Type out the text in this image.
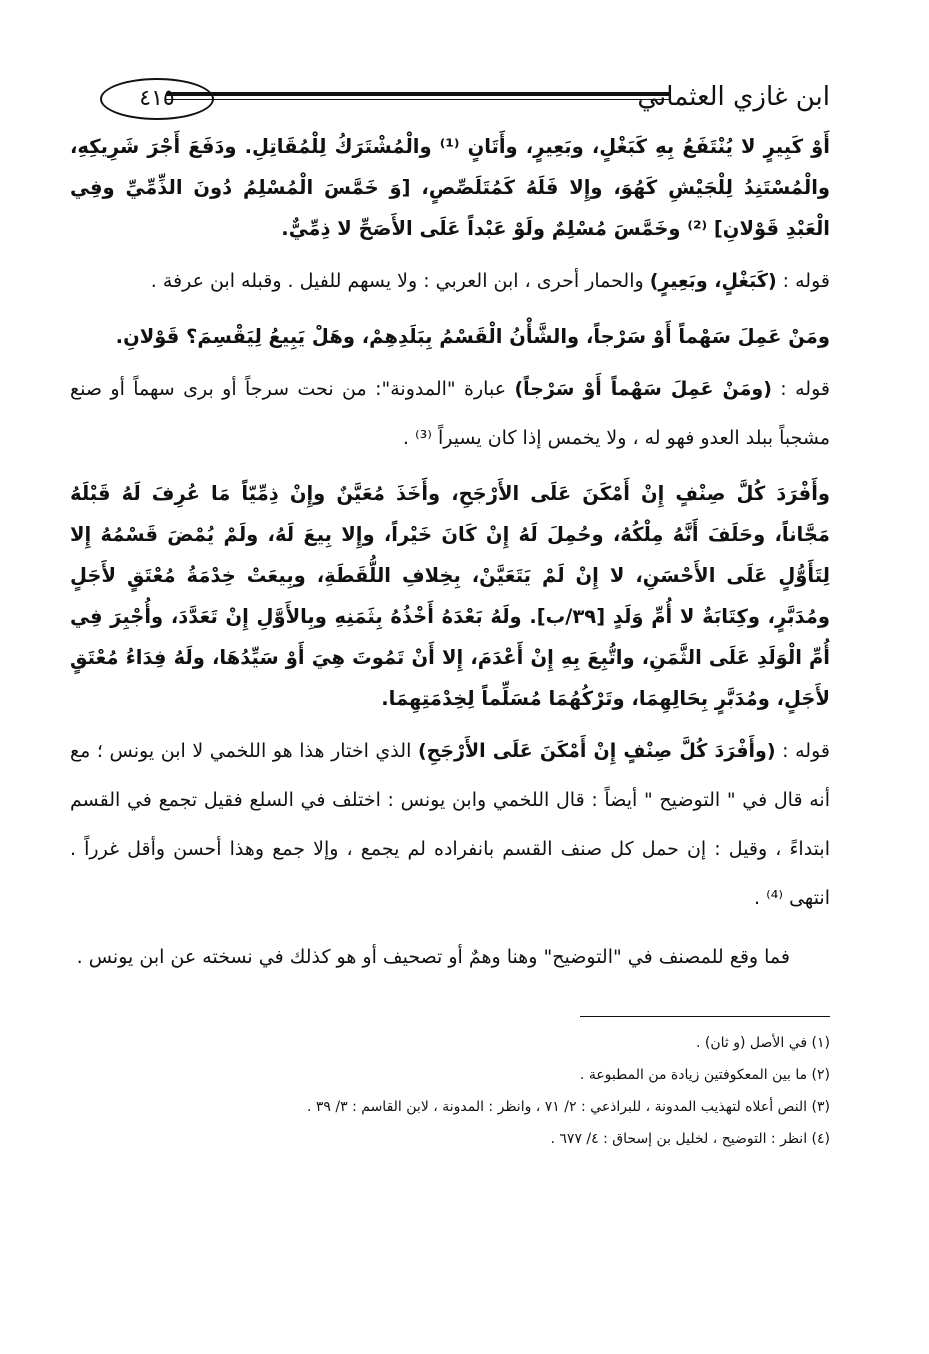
ابن غازي العثماني
٤١٥

أَوْ كَبِيرٍ لا يُنْتَفَعُ بِهِ كَبَغْلٍ، وبَعِيرٍ، وأَتَانٍ ⁽¹⁾ والْمُشْتَرَكُ لِلْمُقَاتِلِ. ودَفَعَ أَجْرَ شَرِيكِهِ، والْمُسْتَنِدُ لِلْجَيْشِ كَهُوَ، وإِلا فَلَهُ كَمُتَلَصِّصٍ، [وَ خَمَّسَ الْمُسْلِمُ دُونَ الذِّمِّيِّ وفِي الْعَبْدِ قَوْلانِ] ⁽²⁾ وخَمَّسَ مُسْلِمٌ ولَوْ عَبْداً عَلَى الأَصَحِّ لا ذِمِّيٌّ.

قوله : (كَبَغْلٍ، وبَعِيرٍ) والحمار أحرى ، ابن العربي : ولا يسهم للفيل . وقبله ابن عرفة .

ومَنْ عَمِلَ سَهْماً أَوْ سَرْجاً، والشَّأْنُ الْقَسْمُ بِبَلَدِهِمْ، وهَلْ يَبِيعُ لِيَقْسِمَ؟ قَوْلانِ.

قوله : (ومَنْ عَمِلَ سَهْماً أَوْ سَرْجاً) عبارة "المدونة": من نحت سرجاً أو برى سهماً أو صنع مشجباً ببلد العدو فهو له ، ولا يخمس إذا كان يسيراً ⁽³⁾ .

وأَفْرَدَ كُلَّ صِنْفٍ إِنْ أَمْكَنَ عَلَى الأَرْجَحِ، وأَخَذَ مُعَيَّنٌ وإِنْ ذِمِّيّاً مَا عُرِفَ لَهُ قَبْلَهُ مَجَّاناً، وحَلَفَ أَنَّهُ مِلْكُهُ، وحُمِلَ لَهُ إِنْ كَانَ خَيْراً، وإِلا بِيعَ لَهُ، ولَمْ يُمْضَ قَسْمُهُ إِلا لِتَأَوُّلٍ عَلَى الأَحْسَنِ، لا إِنْ لَمْ يَتَعَيَّنْ، بِخِلافِ اللُّقَطَةِ، وبِيعَتْ خِدْمَةُ مُعْتَقٍ لأَجَلٍ ومُدَبَّرٍ، وكِتَابَةٌ لا أُمِّ وَلَدٍ [٣٩/ب]. ولَهُ بَعْدَهُ أَخْذُهُ بِثَمَنِهِ وبِالأَوَّلِ إِنْ تَعَدَّدَ، وأُجْبِرَ فِي أُمِّ الْوَلَدِ عَلَى الثَّمَنِ، واتُّبِعَ بِهِ إِنْ أَعْدَمَ، إِلا أَنْ تَمُوتَ هِيَ أَوْ سَيِّدُهَا، ولَهُ فِدَاءُ مُعْتَقٍ لأَجَلٍ، ومُدَبَّرٍ بِحَالِهِمَا، وتَرْكُهُمَا مُسَلِّماً لِخِدْمَتِهِمَا.

قوله : (وأَفْرَدَ كُلَّ صِنْفٍ إِنْ أَمْكَنَ عَلَى الأَرْجَحِ) الذي اختار هذا هو اللخمي لا ابن يونس ؛ مع أنه قال في " التوضيح " أيضاً : قال اللخمي وابن يونس : اختلف في السلع فقيل تجمع في القسم ابتداءً ، وقيل : إن حمل كل صنف القسم بانفراده لم يجمع ، وإلا جمع وهذا أحسن وأقل غرراً . انتهى ⁽⁴⁾ .

فما وقع للمصنف في "التوضيح" وهنا وهمٌ أو تصحيف أو هو كذلك في نسخته عن ابن يونس .

(١) في الأصل (و ثان) .

(٢) ما بين المعكوفتين زيادة من المطبوعة .

(٣) النص أعلاه لتهذيب المدونة ، للبراذعي : ٢/ ٧١ ، وانظر : المدونة ، لابن القاسم : ٣/ ٣٩ .

(٤) انظر : التوضيح ، لخليل بن إسحاق : ٤/ ٦٧٧ .
